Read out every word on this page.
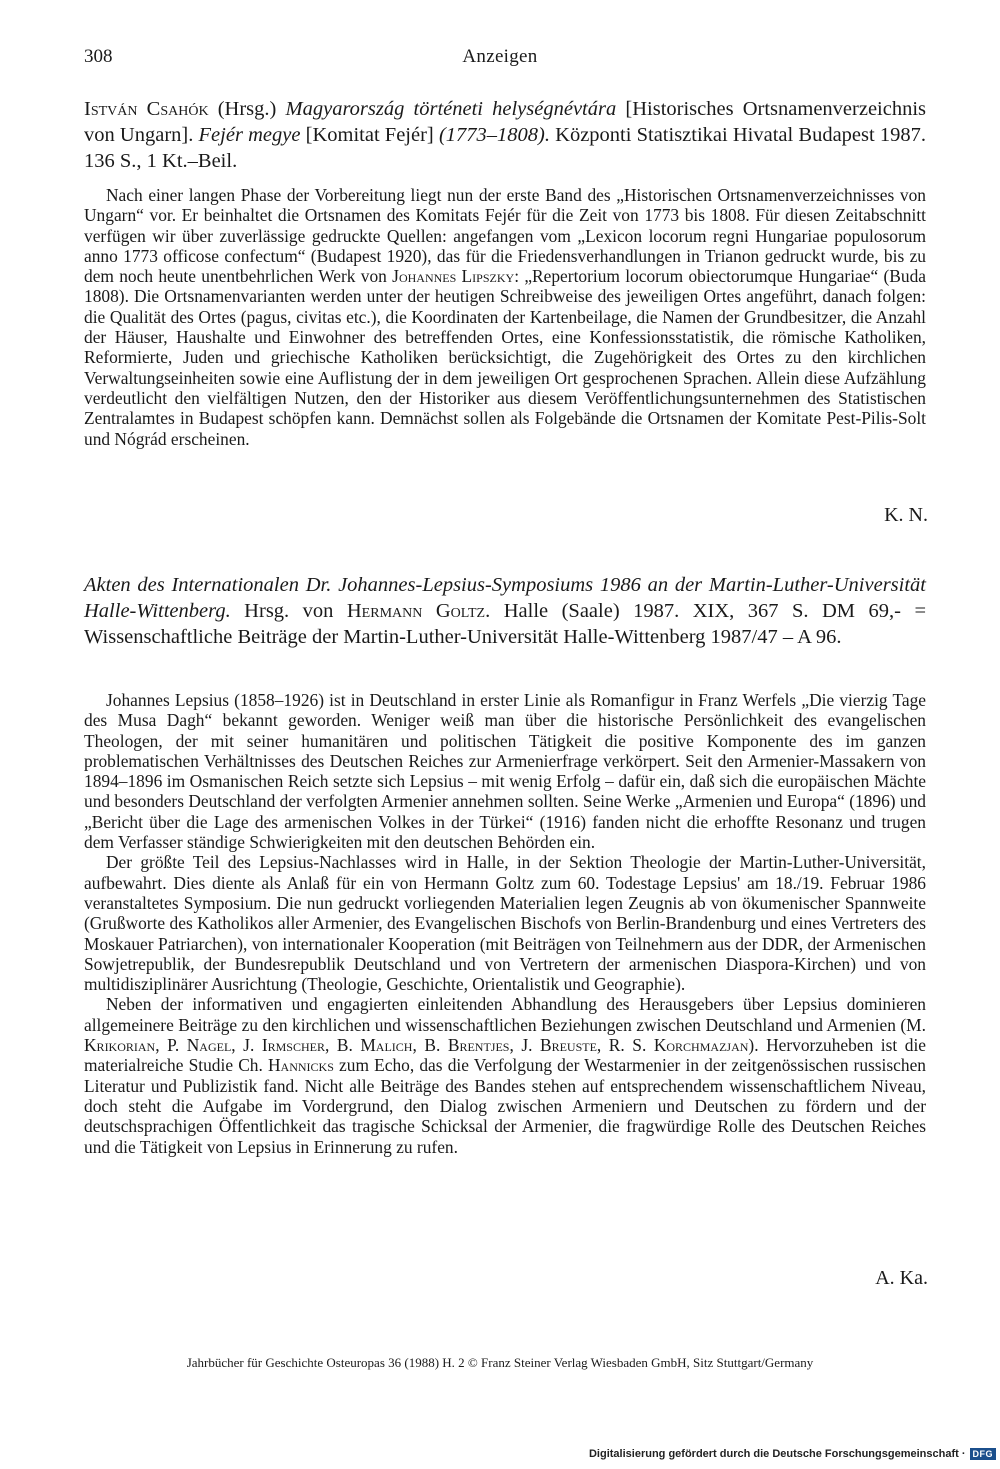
308	Anzeigen
István Csahók (Hrsg.) Magyarország történeti helységnévtára [Historisches Ortsnamenverzeichnis von Ungarn]. Fejér megye [Komitat Fejér] (1773–1808). Központi Statisztikai Hivatal Budapest 1987. 136 S., 1 Kt.–Beil.

Nach einer langen Phase der Vorbereitung liegt nun der erste Band des „Historischen Ortsnamenverzeichnisses von Ungarn“ vor. Er beinhaltet die Ortsnamen des Komitats Fejér für die Zeit von 1773 bis 1808. Für diesen Zeitabschnitt verfügen wir über zuverlässige gedruckte Quellen: angefangen vom „Lexicon locorum regni Hungariae populosorum anno 1773 officose confectum“ (Budapest 1920), das für die Friedensverhandlungen in Trianon gedruckt wurde, bis zu dem noch heute unentbehrlichen Werk von Johannes Lipszky: „Repertorium locorum obiectorumque Hungariae“ (Buda 1808). Die Ortsnamenvarianten werden unter der heutigen Schreibweise des jeweiligen Ortes angeführt, danach folgen: die Qualität des Ortes (pagus, civitas etc.), die Koordinaten der Kartenbeilage, die Namen der Grundbesitzer, die Anzahl der Häuser, Haushalte und Einwohner des betreffenden Ortes, eine Konfessionsstatistik, die römische Katholiken, Reformierte, Juden und griechische Katholiken berücksichtigt, die Zugehörigkeit des Ortes zu den kirchlichen Verwaltungseinheiten sowie eine Auflistung der in dem jeweiligen Ort gesprochenen Sprachen. Allein diese Aufzählung verdeutlicht den vielfältigen Nutzen, den der Historiker aus diesem Veröffentlichungsunternehmen des Statistischen Zentralamtes in Budapest schöpfen kann. Demnächst sollen als Folgebände die Ortsnamen der Komitate Pest-Pilis-Solt und Nógrád erscheinen.

K. N.
Akten des Internationalen Dr. Johannes-Lepsius-Symposiums 1986 an der Martin-Luther-Universität Halle-Wittenberg. Hrsg. von Hermann Goltz. Halle (Saale) 1987. XIX, 367 S. DM 69,- = Wissenschaftliche Beiträge der Martin-Luther-Universität Halle-Wittenberg 1987/47 – A 96.

Johannes Lepsius (1858–1926) ist in Deutschland in erster Linie als Romanfigur in Franz Werfels „Die vierzig Tage des Musa Dagh“ bekannt geworden. Weniger weiß man über die historische Persönlichkeit des evangelischen Theologen, der mit seiner humanitären und politischen Tätigkeit die positive Komponente des im ganzen problematischen Verhältnisses des Deutschen Reiches zur Armenierfrage verkörpert. Seit den Armenier-Massakern von 1894–1896 im Osmanischen Reich setzte sich Lepsius – mit wenig Erfolg – dafür ein, daß sich die europäischen Mächte und besonders Deutschland der verfolgten Armenier annehmen sollten. Seine Werke „Armenien und Europa“ (1896) und „Bericht über die Lage des armenischen Volkes in der Türkei“ (1916) fanden nicht die erhoffte Resonanz und trugen dem Verfasser ständige Schwierigkeiten mit den deutschen Behörden ein.

Der größte Teil des Lepsius-Nachlasses wird in Halle, in der Sektion Theologie der Martin-Luther-Universität, aufbewahrt. Dies diente als Anlaß für ein von Hermann Goltz zum 60. Todestage Lepsius' am 18./19. Februar 1986 veranstaltetes Symposium. Die nun gedruckt vorliegenden Materialien legen Zeugnis ab von ökumenischer Spannweite (Grußworte des Katholikos aller Armenier, des Evangelischen Bischofs von Berlin-Brandenburg und eines Vertreters des Moskauer Patriarchen), von internationaler Kooperation (mit Beiträgen von Teilnehmern aus der DDR, der Armenischen Sowjetrepublik, der Bundesrepublik Deutschland und von Vertretern der armenischen Diaspora-Kirchen) und von multidisziplinärer Ausrichtung (Theologie, Geschichte, Orientalistik und Geographie).

Neben der informativen und engagierten einleitenden Abhandlung des Herausgebers über Lepsius dominieren allgemeinere Beiträge zu den kirchlichen und wissenschaftlichen Beziehungen zwischen Deutschland und Armenien (M. Krikorian, P. Nagel, J. Irmscher, B. Malich, B. Brentjes, J. Breuste, R. S. Korchmazjan). Hervorzuheben ist die materialreiche Studie Ch. Hannicks zum Echo, das die Verfolgung der Westarmenier in der zeitgenössischen russischen Literatur und Publizistik fand. Nicht alle Beiträge des Bandes stehen auf entsprechendem wissenschaftlichem Niveau, doch steht die Aufgabe im Vordergrund, den Dialog zwischen Armeniern und Deutschen zu fördern und der deutschsprachigen Öffentlichkeit das tragische Schicksal der Armenier, die fragwürdige Rolle des Deutschen Reiches und die Tätigkeit von Lepsius in Erinnerung zu rufen.

A. Ka.
Jahrbücher für Geschichte Osteuropas 36 (1988) H. 2 © Franz Steiner Verlag Wiesbaden GmbH, Sitz Stuttgart/Germany
Digitalisierung gefördert durch die Deutsche Forschungsgemeinschaft · DFG
